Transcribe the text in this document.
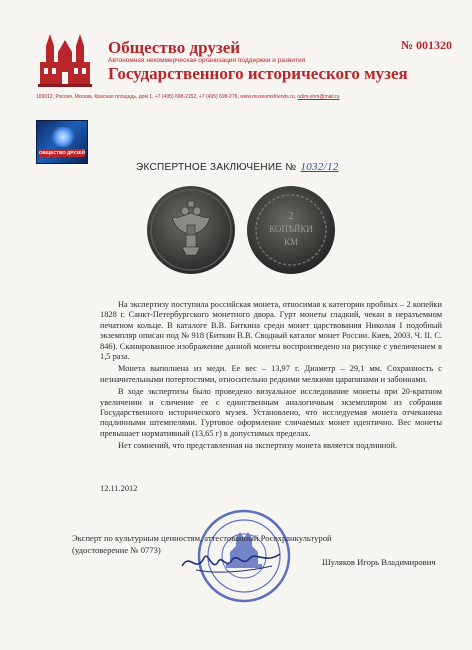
Общество друзей
Автономная некоммерческая организация поддержки и развития
Государственного исторического музея
№ 001320
109012, Россия, Москва, Красная площадь, дом 1, +7 (495) 698-2152, +7 (495) 698-276, www.museumsfriends.ru, odim-shm@mail.ru
ОБЩЕСТВО ДРУЗЕЙ
ЭКСПЕРТНОЕ ЗАКЛЮЧЕНИЕ № 1032/12
2
КОПѢЙКИ
КМ

На экспертизу поступила российская монета, относимая к категории пробных – 2 копейки 1828 г. Санкт-Петербургского монетного двора. Гурт монеты гладкий, чекан в неразъемном печатном кольце. В каталоге В.В. Биткина среди монет царствования Николая I подобный экземпляр описан под № 918 (Биткин В.В. Сводный каталог монет России. Киев, 2003. Ч. II. С. 846). Сканированное изображение данной монеты воспроизведено на рисунке с увеличением в 1,5 раза.

Монета выполнена из меди. Ее вес – 13,97 г. Диаметр – 29,1 мм. Сохранность с незначительными потертостями, относительно редкими мелкими царапинами и забоинами.

В ходе экспертизы было проведено визуальное исследование монеты при 20-кратном увеличении и сличение ее с единственным аналогичным экземпляром из собрания Государственного исторического музея. Установлено, что исследуемая монета отчеканена подлинными штемпелями. Гуртовое оформление сличаемых монет идентично. Вес монеты превышает нормативный (13,65 г) в допустимых пределах.

Нет сомнений, что представленная на экспертизу монета является подлинной.

12.11.2012
Эксперт по культурным ценностям, аттестованный Росохранкультурой
(удостоверение № 0773)
Шуляков Игорь Владимирович
